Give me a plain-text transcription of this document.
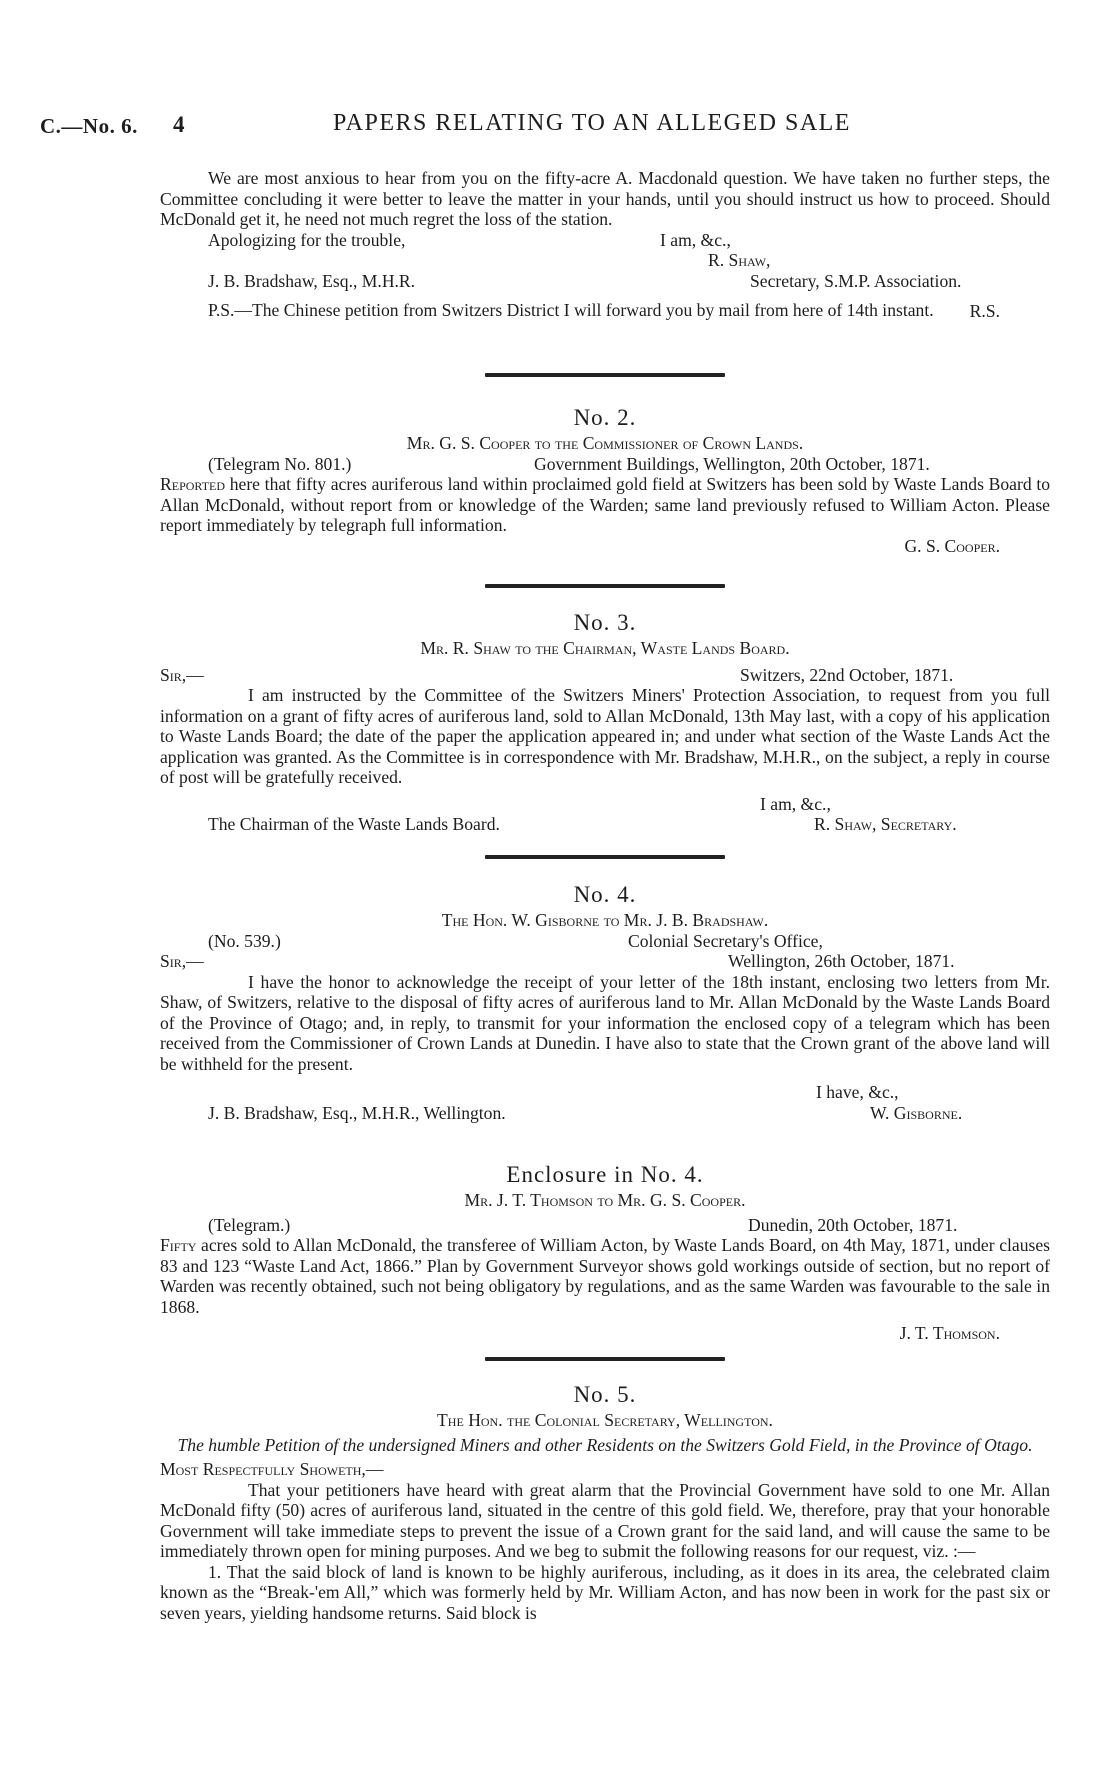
C.—No. 6. 4	PAPERS RELATING TO AN ALLEGED SALE

We are most anxious to hear from you on the fifty-acre A. Macdonald question. We have taken no further steps, the Committee concluding it were better to leave the matter in your hands, until you should instruct us how to proceed. Should McDonald get it, he need not much regret the loss of the station.

Apologizing for the trouble,	I am, &c.,
R. Shaw,
J. B. Bradshaw, Esq., M.H.R.	Secretary, S.M.P. Association.

P.S.—The Chinese petition from Switzers District I will forward you by mail from here of 14th instant.	R.S.
No. 2.
Mr. G. S. Cooper to the Commissioner of Crown Lands.
(Telegram No. 801.)	Government Buildings, Wellington, 20th October, 1871.

Reported here that fifty acres auriferous land within proclaimed gold field at Switzers has been sold by Waste Lands Board to Allan McDonald, without report from or knowledge of the Warden; same land previously refused to William Acton. Please report immediately by telegraph full information.

G. S. Cooper.
No. 3.
Mr. R. Shaw to the Chairman, Waste Lands Board.
Sir,—	Switzers, 22nd October, 1871.

I am instructed by the Committee of the Switzers Miners' Protection Association, to request from you full information on a grant of fifty acres of auriferous land, sold to Allan McDonald, 13th May last, with a copy of his application to Waste Lands Board; the date of the paper the application appeared in; and under what section of the Waste Lands Act the application was granted. As the Committee is in correspondence with Mr. Bradshaw, M.H.R., on the subject, a reply in course of post will be gratefully received.

I am, &c.,
The Chairman of the Waste Lands Board.	R. Shaw, Secretary.
No. 4.
The Hon. W. Gisborne to Mr. J. B. Bradshaw.
(No. 539.)	Colonial Secretary's Office,
Sir,—	Wellington, 26th October, 1871.

I have the honor to acknowledge the receipt of your letter of the 18th instant, enclosing two letters from Mr. Shaw, of Switzers, relative to the disposal of fifty acres of auriferous land to Mr. Allan McDonald by the Waste Lands Board of the Province of Otago; and, in reply, to transmit for your information the enclosed copy of a telegram which has been received from the Commissioner of Crown Lands at Dunedin. I have also to state that the Crown grant of the above land will be withheld for the present.

I have, &c.,
J. B. Bradshaw, Esq., M.H.R., Wellington.	W. Gisborne.
Enclosure in No. 4.
Mr. J. T. Thomson to Mr. G. S. Cooper.
(Telegram.)	Dunedin, 20th October, 1871.

Fifty acres sold to Allan McDonald, the transferee of William Acton, by Waste Lands Board, on 4th May, 1871, under clauses 83 and 123 “Waste Land Act, 1866.” Plan by Government Surveyor shows gold workings outside of section, but no report of Warden was recently obtained, such not being obligatory by regulations, and as the same Warden was favourable to the sale in 1868.

J. T. Thomson.
No. 5.
The Hon. the Colonial Secretary, Wellington.

The humble Petition of the undersigned Miners and other Residents on the Switzers Gold Field, in the Province of Otago.

Most Respectfully Showeth,—

That your petitioners have heard with great alarm that the Provincial Government have sold to one Mr. Allan McDonald fifty (50) acres of auriferous land, situated in the centre of this gold field. We, therefore, pray that your honorable Government will take immediate steps to prevent the issue of a Crown grant for the said land, and will cause the same to be immediately thrown open for mining purposes. And we beg to submit the following reasons for our request, viz. :—

1. That the said block of land is known to be highly auriferous, including, as it does in its area, the celebrated claim known as the “Break-'em All,” which was formerly held by Mr. William Acton, and has now been in work for the past six or seven years, yielding handsome returns. Said block is
